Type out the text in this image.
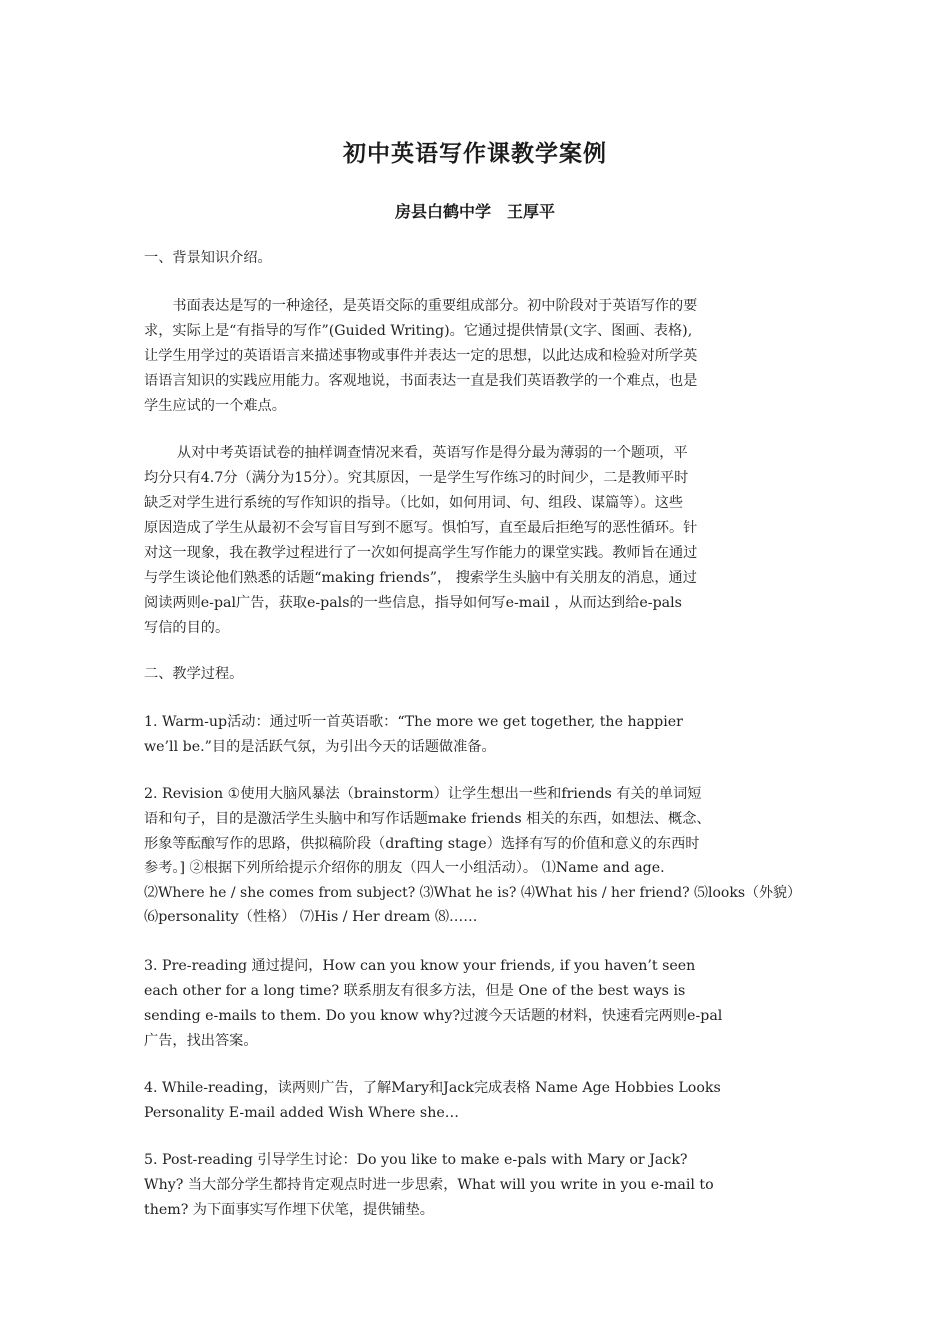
初中英语写作课教学案例
房县白鹤中学　王厚平
一、背景知识介绍。
　　书面表达是写的一种途径，是英语交际的重要组成部分。初中阶段对于英语写作的要
求，实际上是“有指导的写作”(Guided Writing)。它通过提供情景(文字、图画、表格),
让学生用学过的英语语言来描述事物或事件并表达一定的思想，以此达成和检验对所学英
语语言知识的实践应用能力。客观地说，书面表达一直是我们英语教学的一个难点，也是
学生应试的一个难点。
　　 从对中考英语试卷的抽样调查情况来看，英语写作是得分最为薄弱的一个题项，平
均分只有4.7分（满分为15分）。究其原因，一是学生写作练习的时间少，二是教师平时
缺乏对学生进行系统的写作知识的指导。（比如，如何用词、句、组段、谋篇等）。这些
原因造成了学生从最初不会写盲目写到不愿写。惧怕写，直至最后拒绝写的恶性循环。针
对这一现象，我在教学过程进行了一次如何提高学生写作能力的课堂实践。教师旨在通过
与学生谈论他们熟悉的话题“making friends”， 搜索学生头脑中有关朋友的消息，通过
阅读两则e-pal广告，获取e-pals的一些信息，指导如何写e-mail ，从而达到给e-pals
写信的目的。
二、教学过程。
1. Warm-up活动：通过听一首英语歌：“The more we get together, the happier
we’ll be.”目的是活跃气氛，为引出今天的话题做准备。
2. Revision ①使用大脑风暴法（brainstorm）让学生想出一些和friends 有关的单词短
语和句子，目的是激活学生头脑中和写作话题make friends 相关的东西，如想法、概念、
形象等酝酿写作的思路，供拟稿阶段（drafting stage）选择有写的价值和意义的东西时
参考。] ②根据下列所给提示介绍你的朋友（四人一小组活动）。 ⑴Name and age.
⑵Where he / she comes from subject? ⑶What he is? ⑷What his / her friend? ⑸looks（外貌）
⑹personality（性格） ⑺His / Her dream ⑻……
3. Pre-reading 通过提问，How can you know your friends, if you haven’t seen
each other for a long time? 联系朋友有很多方法，但是 One of the best ways is
sending e-mails to them. Do you know why?过渡今天话题的材料，快速看完两则e-pal
广告，找出答案。
4. While-reading，读两则广告，了解Mary和Jack完成表格 Name Age Hobbies Looks
Personality E-mail added Wish Where she…
5. Post-reading 引导学生讨论：Do you like to make e-pals with Mary or Jack?
Why? 当大部分学生都持肯定观点时进一步思索，What will you write in you e-mail to
them? 为下面事实写作埋下伏笔，提供铺垫。
